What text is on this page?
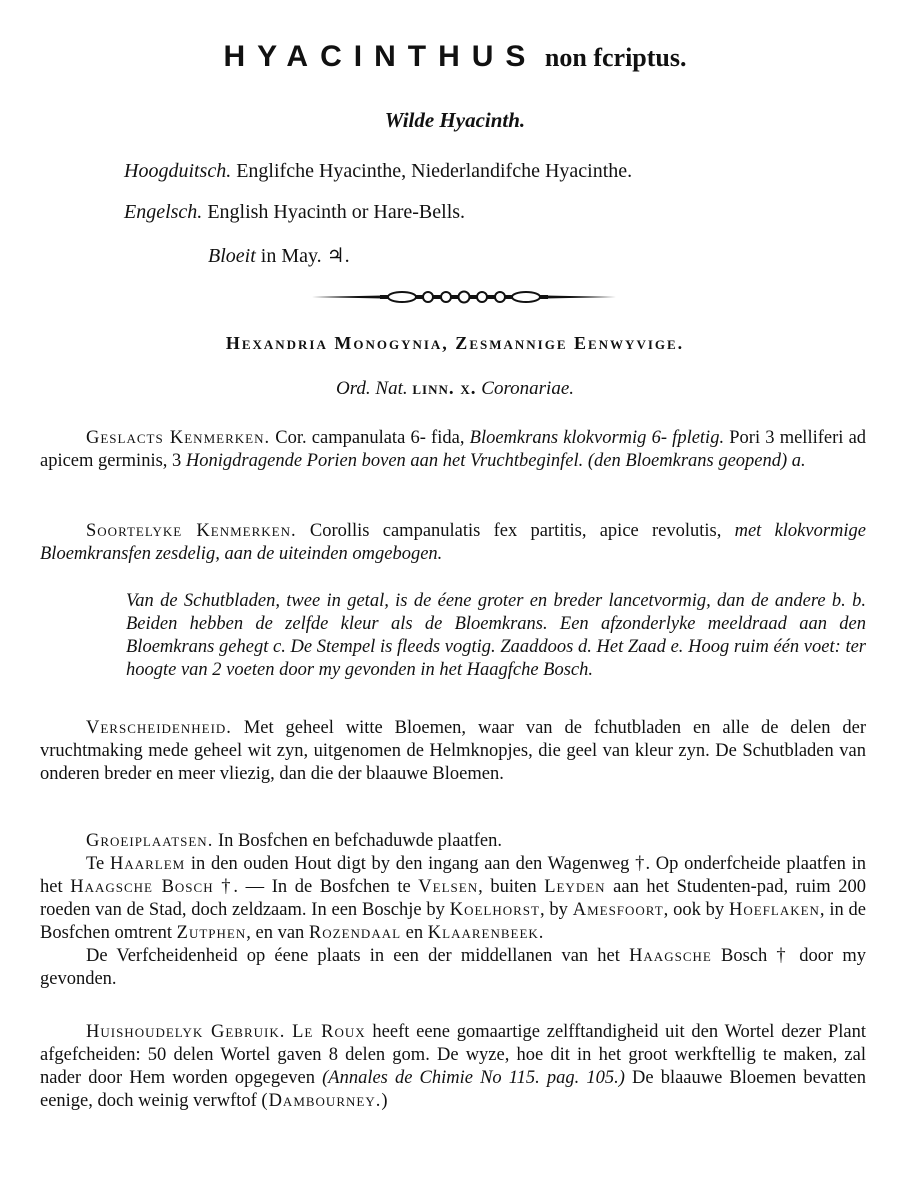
HYACINTHUS non fcriptus.
Wilde Hyacinth.
Hoogduitsch. Englifche Hyacinthe, Niederlandifche Hyacinthe.
Engelsch. English Hyacinth or Hare-Bells.
Bloeit in May. ♃.
Hexandria Monogynia, Zesmannige Eenwyvige.
Ord. Nat. linn. x. Coronariae.
Geslacts Kenmerken. Cor. campanulata 6- fida, Bloemkrans klokvormig 6- fpletig. Pori 3 melliferi ad apicem germinis, 3 Honigdragende Porien boven aan het Vruchtbeginfel. (den Bloemkrans geopend) a.
Soortelyke Kenmerken. Corollis campanulatis fex partitis, apice revolutis, met klokvormige Bloemkransfen zesdelig, aan de uiteinden omgebogen.
Van de Schutbladen, twee in getal, is de éene groter en breder lancetvormig, dan de andere b. b. Beiden hebben de zelfde kleur als de Bloemkrans. Een afzonderlyke meeldraad aan den Bloemkrans gehegt c. De Stempel is fleeds vogtig. Zaaddoos d. Het Zaad e. Hoog ruim één voet: ter hoogte van 2 voeten door my gevonden in het Haagfche Bosch.
Verscheidenheid. Met geheel witte Bloemen, waar van de fchutbladen en alle de delen der vruchtmaking mede geheel wit zyn, uitgenomen de Helmknopjes, die geel van kleur zyn. De Schutbladen van onderen breder en meer vliezig, dan die der blaauwe Bloemen.
Groeiplaatsen. In Bosfchen en befchaduwde plaatfen.
Te Haarlem in den ouden Hout digt by den ingang aan den Wagenweg †. Op onderfcheide plaatfen in het Haagsche Bosch †. — In de Bosfchen te Velsen, buiten Leyden aan het Studenten-pad, ruim 200 roeden van de Stad, doch zeldzaam. In een Boschje by Koelhorst, by Amesfoort, ook by Hoeflaken, in de Bosfchen omtrent Zutphen, en van Rozendaal en Klaarenbeek.
De Verfcheidenheid op éene plaats in een der middellanen van het Haagsche Bosch † door my gevonden.
Huishoudelyk Gebruik. Le Roux heeft eene gomaartige zelfftandigheid uit den Wortel dezer Plant afgefcheiden: 50 delen Wortel gaven 8 delen gom. De wyze, hoe dit in het groot werkftellig te maken, zal nader door Hem worden opgegeven (Annales de Chimie No 115. pag. 105.) De blaauwe Bloemen bevatten eenige, doch weinig verwftof (Dambourney.)
